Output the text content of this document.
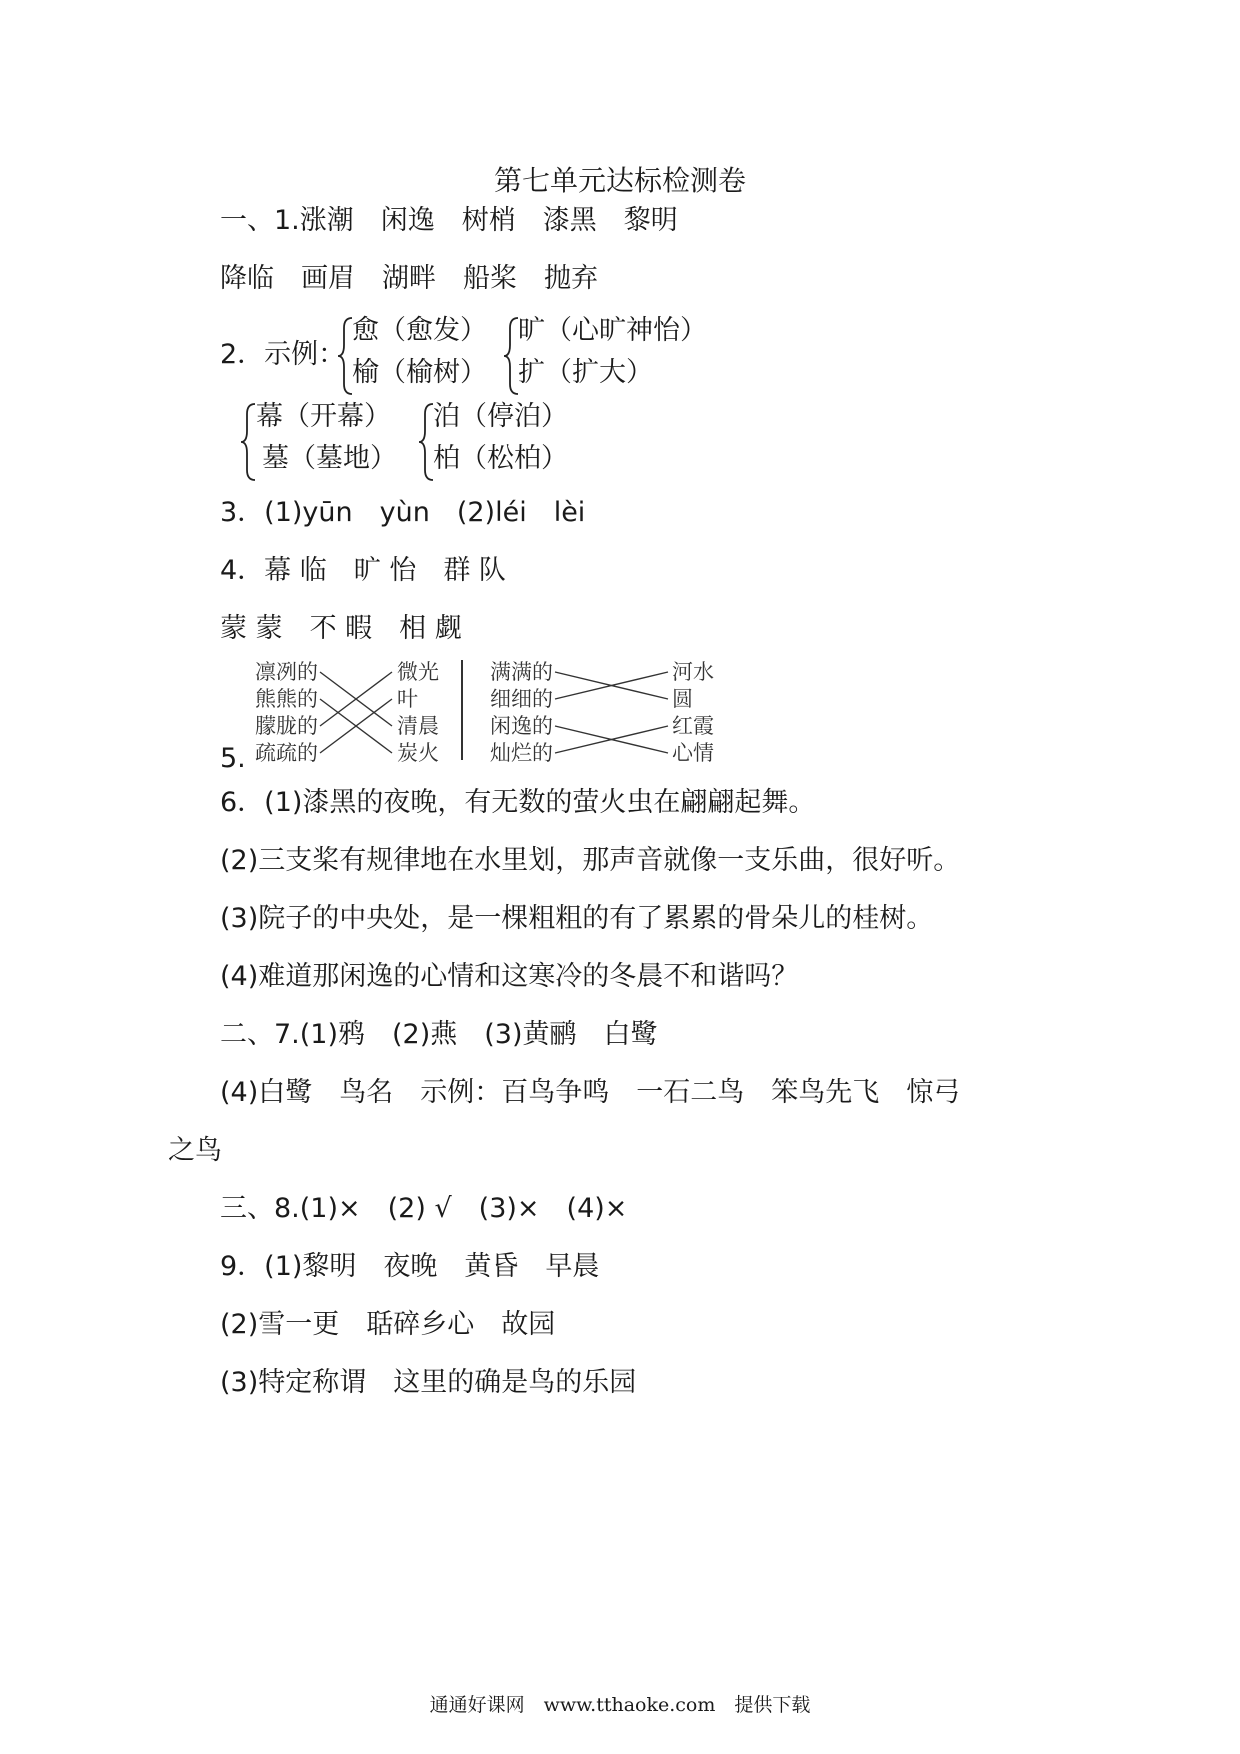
第七单元达标检测卷
一、1.涨潮　闲逸　树梢　漆黑　黎明
降临　画眉　湖畔　船桨　抛弃
2．示例：
愈（愈发）
榆（榆树）
旷（心旷神怡）
扩（扩大）
幕（开幕）
墓（墓地）
泊（停泊）
柏（松柏）
3．(1)yūn　yùn　(2)léi　lèi
4．幕 临　旷 怡　群 队
蒙 蒙　不 暇　相 觑
5.
凛冽的
熊熊的
朦胧的
疏疏的
微光
叶
清晨
炭火
满满的
细细的
闲逸的
灿烂的
河水
圆
红霞
心情
6．(1)漆黑的夜晚，有无数的萤火虫在翩翩起舞。
(2)三支桨有规律地在水里划，那声音就像一支乐曲，很好听。
(3)院子的中央处，是一棵粗粗的有了累累的骨朵儿的桂树。
(4)难道那闲逸的心情和这寒冷的冬晨不和谐吗？
二、7.(1)鸦　(2)燕　(3)黄鹂　白鹭
(4)白鹭　鸟名　示例：百鸟争鸣　一石二鸟　笨鸟先飞　惊弓
之鸟
三、8.(1)×　(2) √　(3)×　(4)×
9．(1)黎明　夜晚　黄昏　早晨
(2)雪一更　聒碎乡心　故园
(3)特定称谓　这里的确是鸟的乐园
通通好课网　www.tthaoke.com　提供下载
